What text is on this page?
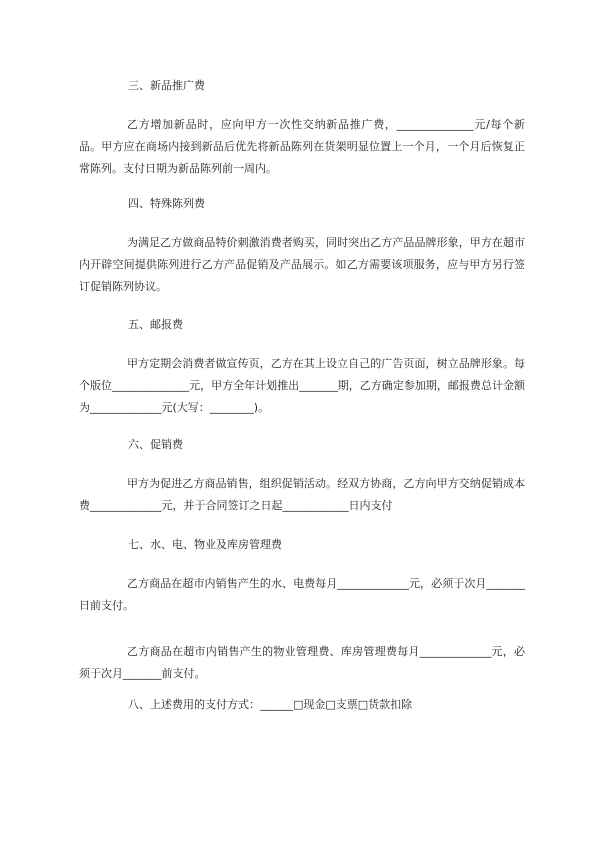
三、新品推广费

乙方增加新品时，应向甲方一次性交纳新品推广费，______________元/每个新品。甲方应在商场内接到新品后优先将新品陈列在货架明显位置上一个月，一个月后恢复正常陈列。支付日期为新品陈列前一周内。

四、特殊陈列费

为满足乙方做商品特价刺激消费者购买，同时突出乙方产品品牌形象，甲方在超市内开辟空间提供陈列进行乙方产品促销及产品展示。如乙方需要该项服务，应与甲方另行签订促销陈列协议。

五、邮报费

甲方定期会消费者做宣传页，乙方在其上设立自己的广告页面，树立品牌形象。每个版位______________元，甲方全年计划推出_______期，乙方确定参加期，邮报费总计金额为_____________元(大写：________)。

六、促销费

甲方为促进乙方商品销售，组织促销活动。经双方协商，乙方向甲方交纳促销成本费_____________元，并于合同签订之日起____________日内支付

七、水、电、物业及库房管理费

乙方商品在超市内销售产生的水、电费每月_____________元，必须于次月_______日前支付。

乙方商品在超市内销售产生的物业管理费、库房管理费每月_____________元，必须于次月_______前支付。

八、上述费用的支付方式：______□现金□支票□货款扣除
